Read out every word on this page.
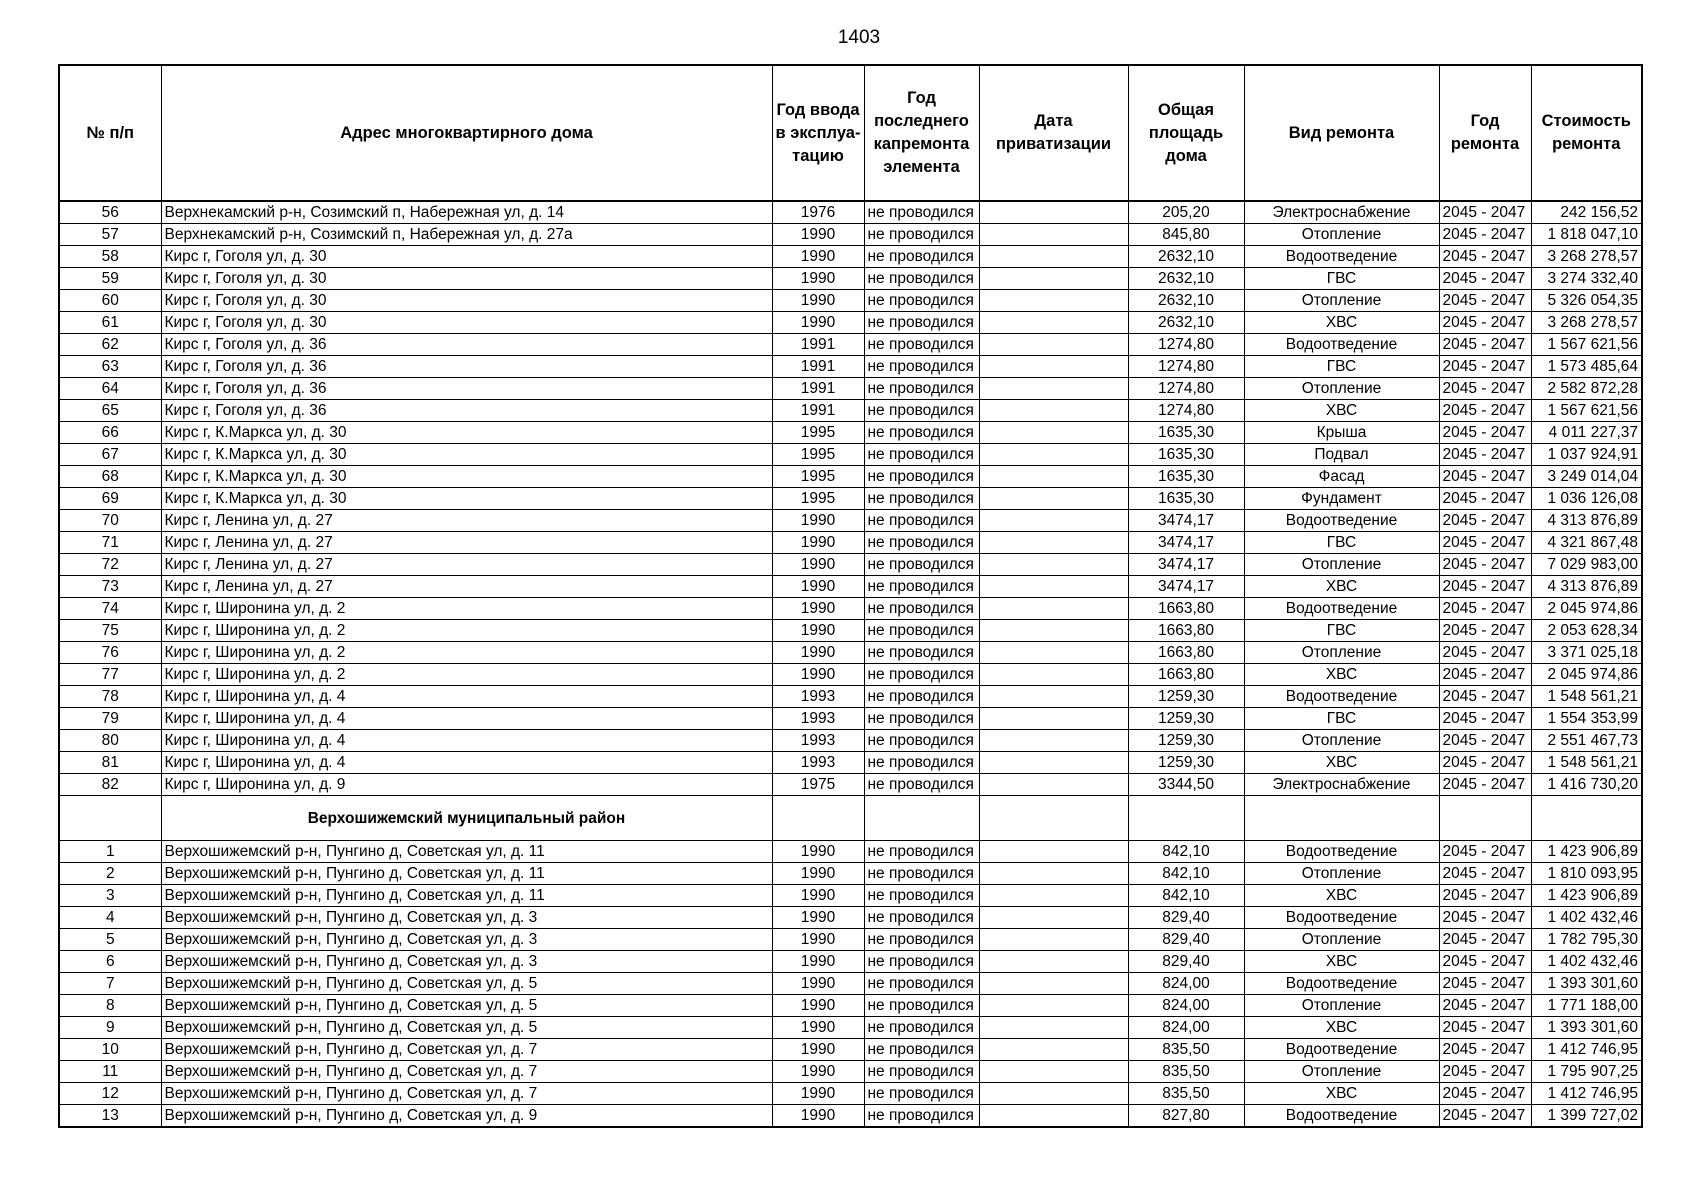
1403
№ п/п	Адрес многоквартирного дома	Год ввода в эксплуа-тацию	Год последнего капремонта элемента	Дата приватизации	Общая площадь дома	Вид ремонта	Год ремонта	Стоимость ремонта
56	Верхнекамский р-н, Созимский п, Набережная ул, д. 14	1976	не проводился		205,20	Электроснабжение	2045 - 2047	242 156,52
57	Верхнекамский р-н, Созимский п, Набережная ул, д. 27а	1990	не проводился		845,80	Отопление	2045 - 2047	1 818 047,10
58	Кирс г, Гоголя ул, д. 30	1990	не проводился		2632,10	Водоотведение	2045 - 2047	3 268 278,57
59	Кирс г, Гоголя ул, д. 30	1990	не проводился		2632,10	ГВС	2045 - 2047	3 274 332,40
60	Кирс г, Гоголя ул, д. 30	1990	не проводился		2632,10	Отопление	2045 - 2047	5 326 054,35
61	Кирс г, Гоголя ул, д. 30	1990	не проводился		2632,10	ХВС	2045 - 2047	3 268 278,57
62	Кирс г, Гоголя ул, д. 36	1991	не проводился		1274,80	Водоотведение	2045 - 2047	1 567 621,56
63	Кирс г, Гоголя ул, д. 36	1991	не проводился		1274,80	ГВС	2045 - 2047	1 573 485,64
64	Кирс г, Гоголя ул, д. 36	1991	не проводился		1274,80	Отопление	2045 - 2047	2 582 872,28
65	Кирс г, Гоголя ул, д. 36	1991	не проводился		1274,80	ХВС	2045 - 2047	1 567 621,56
66	Кирс г, К.Маркса ул, д. 30	1995	не проводился		1635,30	Крыша	2045 - 2047	4 011 227,37
67	Кирс г, К.Маркса ул, д. 30	1995	не проводился		1635,30	Подвал	2045 - 2047	1 037 924,91
68	Кирс г, К.Маркса ул, д. 30	1995	не проводился		1635,30	Фасад	2045 - 2047	3 249 014,04
69	Кирс г, К.Маркса ул, д. 30	1995	не проводился		1635,30	Фундамент	2045 - 2047	1 036 126,08
70	Кирс г, Ленина ул, д. 27	1990	не проводился		3474,17	Водоотведение	2045 - 2047	4 313 876,89
71	Кирс г, Ленина ул, д. 27	1990	не проводился		3474,17	ГВС	2045 - 2047	4 321 867,48
72	Кирс г, Ленина ул, д. 27	1990	не проводился		3474,17	Отопление	2045 - 2047	7 029 983,00
73	Кирс г, Ленина ул, д. 27	1990	не проводился		3474,17	ХВС	2045 - 2047	4 313 876,89
74	Кирс г, Широнина ул, д. 2	1990	не проводился		1663,80	Водоотведение	2045 - 2047	2 045 974,86
75	Кирс г, Широнина ул, д. 2	1990	не проводился		1663,80	ГВС	2045 - 2047	2 053 628,34
76	Кирс г, Широнина ул, д. 2	1990	не проводился		1663,80	Отопление	2045 - 2047	3 371 025,18
77	Кирс г, Широнина ул, д. 2	1990	не проводился		1663,80	ХВС	2045 - 2047	2 045 974,86
78	Кирс г, Широнина ул, д. 4	1993	не проводился		1259,30	Водоотведение	2045 - 2047	1 548 561,21
79	Кирс г, Широнина ул, д. 4	1993	не проводился		1259,30	ГВС	2045 - 2047	1 554 353,99
80	Кирс г, Широнина ул, д. 4	1993	не проводился		1259,30	Отопление	2045 - 2047	2 551 467,73
81	Кирс г, Широнина ул, д. 4	1993	не проводился		1259,30	ХВС	2045 - 2047	1 548 561,21
82	Кирс г, Широнина ул, д. 9	1975	не проводился		3344,50	Электроснабжение	2045 - 2047	1 416 730,20
	Верхошижемский муниципальный район							
1	Верхошижемский р-н, Пунгино д, Советская ул, д. 11	1990	не проводился		842,10	Водоотведение	2045 - 2047	1 423 906,89
2	Верхошижемский р-н, Пунгино д, Советская ул, д. 11	1990	не проводился		842,10	Отопление	2045 - 2047	1 810 093,95
3	Верхошижемский р-н, Пунгино д, Советская ул, д. 11	1990	не проводился		842,10	ХВС	2045 - 2047	1 423 906,89
4	Верхошижемский р-н, Пунгино д, Советская ул, д. 3	1990	не проводился		829,40	Водоотведение	2045 - 2047	1 402 432,46
5	Верхошижемский р-н, Пунгино д, Советская ул, д. 3	1990	не проводился		829,40	Отопление	2045 - 2047	1 782 795,30
6	Верхошижемский р-н, Пунгино д, Советская ул, д. 3	1990	не проводился		829,40	ХВС	2045 - 2047	1 402 432,46
7	Верхошижемский р-н, Пунгино д, Советская ул, д. 5	1990	не проводился		824,00	Водоотведение	2045 - 2047	1 393 301,60
8	Верхошижемский р-н, Пунгино д, Советская ул, д. 5	1990	не проводился		824,00	Отопление	2045 - 2047	1 771 188,00
9	Верхошижемский р-н, Пунгино д, Советская ул, д. 5	1990	не проводился		824,00	ХВС	2045 - 2047	1 393 301,60
10	Верхошижемский р-н, Пунгино д, Советская ул, д. 7	1990	не проводился		835,50	Водоотведение	2045 - 2047	1 412 746,95
11	Верхошижемский р-н, Пунгино д, Советская ул, д. 7	1990	не проводился		835,50	Отопление	2045 - 2047	1 795 907,25
12	Верхошижемский р-н, Пунгино д, Советская ул, д. 7	1990	не проводился		835,50	ХВС	2045 - 2047	1 412 746,95
13	Верхошижемский р-н, Пунгино д, Советская ул, д. 9	1990	не проводился		827,80	Водоотведение	2045 - 2047	1 399 727,02
